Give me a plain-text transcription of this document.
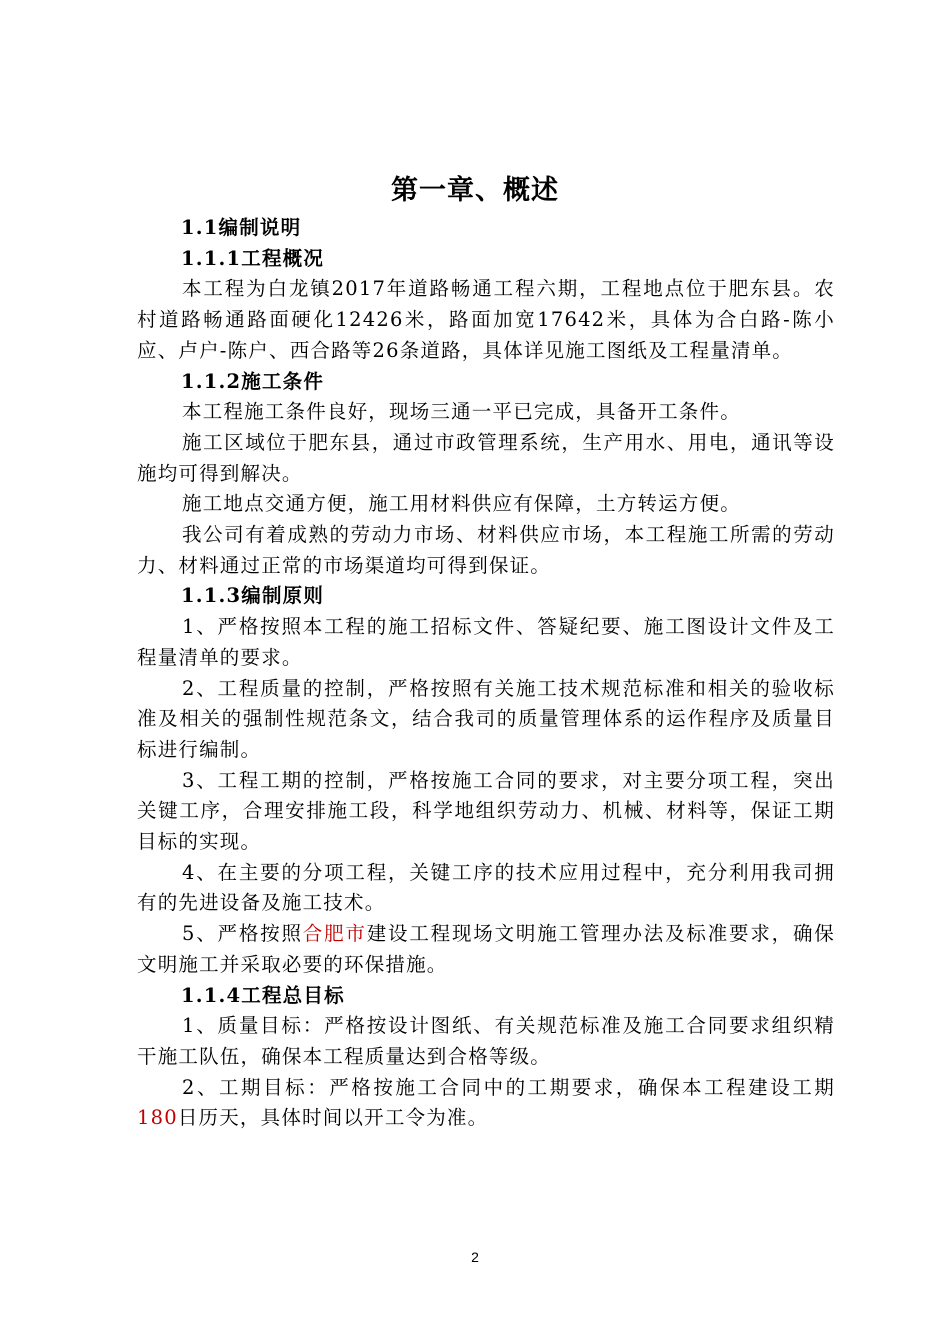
第一章、概述

1.1编制说明

1.1.1工程概况

本工程为白龙镇2017年道路畅通工程六期，工程地点位于肥东县。农村道路畅通路面硬化12426米，路面加宽17642米，具体为合白路-陈小应、卢户-陈户、西合路等26条道路，具体详见施工图纸及工程量清单。

1.1.2施工条件

本工程施工条件良好，现场三通一平已完成，具备开工条件。

施工区域位于肥东县，通过市政管理系统，生产用水、用电，通讯等设施均可得到解决。

施工地点交通方便，施工用材料供应有保障，土方转运方便。

我公司有着成熟的劳动力市场、材料供应市场，本工程施工所需的劳动力、材料通过正常的市场渠道均可得到保证。

1.1.3编制原则

1、严格按照本工程的施工招标文件、答疑纪要、施工图设计文件及工程量清单的要求。

2、工程质量的控制，严格按照有关施工技术规范标准和相关的验收标准及相关的强制性规范条文，结合我司的质量管理体系的运作程序及质量目标进行编制。

3、工程工期的控制，严格按施工合同的要求，对主要分项工程，突出关键工序，合理安排施工段，科学地组织劳动力、机械、材料等，保证工期目标的实现。

4、在主要的分项工程，关键工序的技术应用过程中，充分利用我司拥有的先进设备及施工技术。

5、严格按照合肥市建设工程现场文明施工管理办法及标准要求，确保文明施工并采取必要的环保措施。

1.1.4工程总目标

1、质量目标：严格按设计图纸、有关规范标准及施工合同要求组织精干施工队伍，确保本工程质量达到合格等级。

2、工期目标：严格按施工合同中的工期要求，确保本工程建设工期180日历天，具体时间以开工令为准。

2
